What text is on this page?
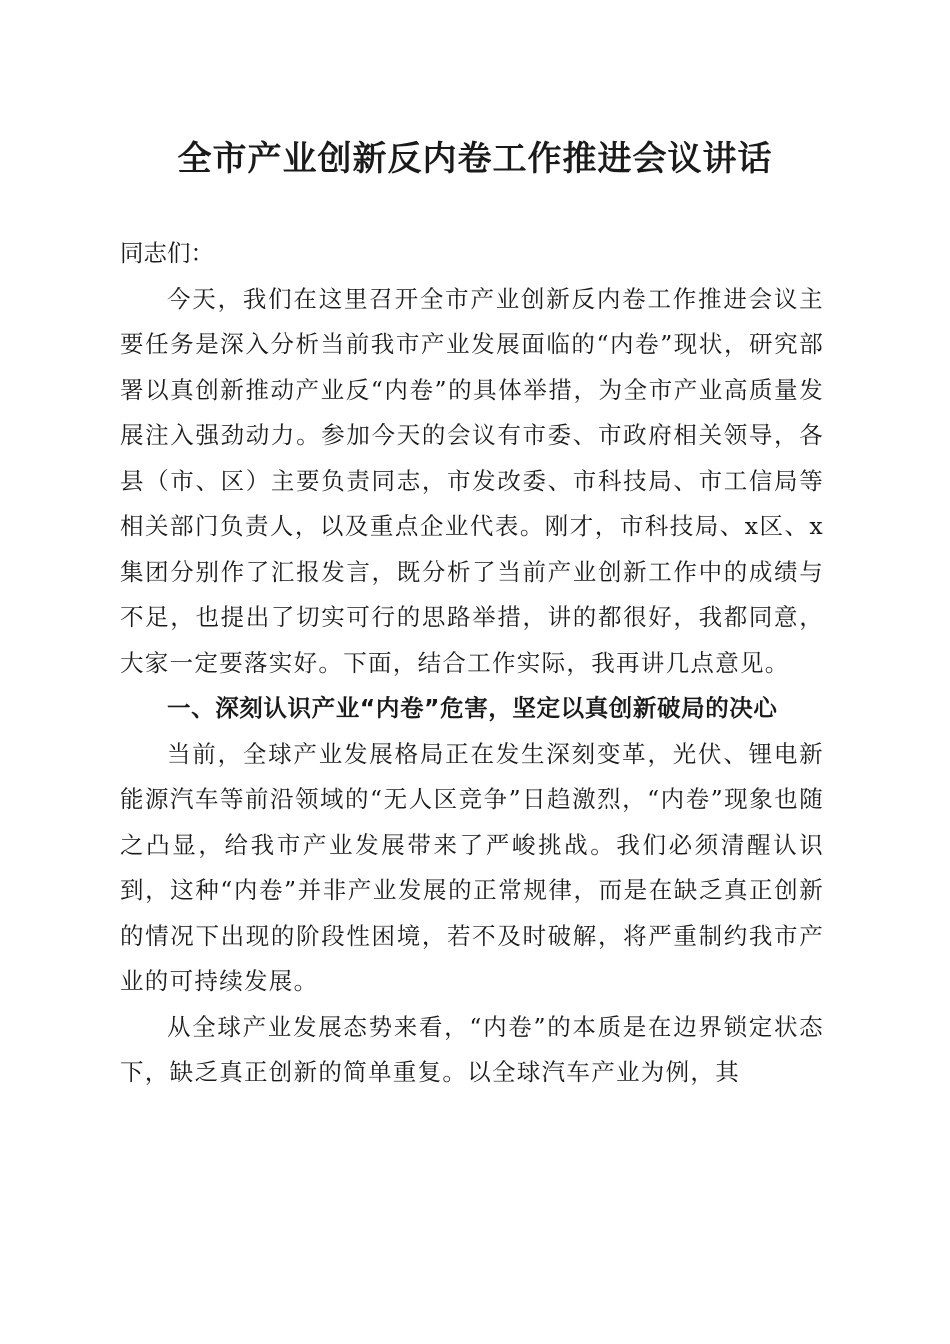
全市产业创新反内卷工作推进会议讲话

同志们：

今天，我们在这里召开全市产业创新反内卷工作推进会议主要任务是深入分析当前我市产业发展面临的“内卷”现状，研究部署以真创新推动产业反“内卷”的具体举措，为全市产业高质量发展注入强劲动力。参加今天的会议有市委、市政府相关领导，各县（市、区）主要负责同志，市发改委、市科技局、市工信局等相关部门负责人，以及重点企业代表。刚才，市科技局、x区、x集团分别作了汇报发言，既分析了当前产业创新工作中的成绩与不足，也提出了切实可行的思路举措，讲的都很好，我都同意，大家一定要落实好。下面，结合工作实际，我再讲几点意见。

一、深刻认识产业“内卷”危害，坚定以真创新破局的决心

当前，全球产业发展格局正在发生深刻变革，光伏、锂电新能源汽车等前沿领域的“无人区竞争”日趋激烈，“内卷”现象也随之凸显，给我市产业发展带来了严峻挑战。我们必须清醒认识到，这种“内卷”并非产业发展的正常规律，而是在缺乏真正创新的情况下出现的阶段性困境，若不及时破解，将严重制约我市产业的可持续发展。

从全球产业发展态势来看，“内卷”的本质是在边界锁定状态下，缺乏真正创新的简单重复。以全球汽车产业为例，其
